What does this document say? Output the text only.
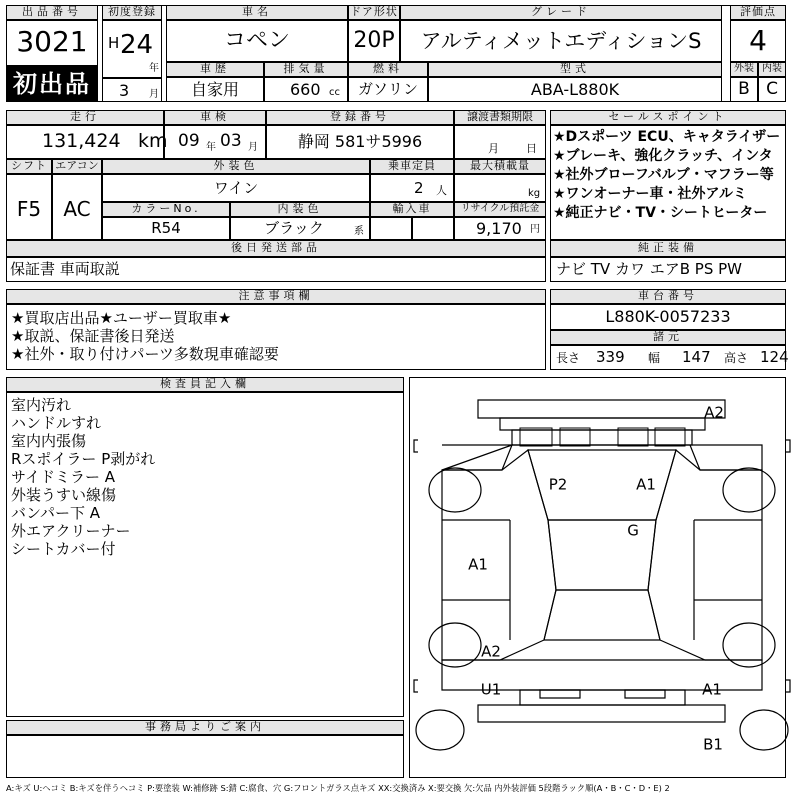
出品番号
3021
初出品
初度登録
H 24
年
3 月
車名
コペン
ドア形状
20P
グレード
アルティメットエディションS
評価点
4
車歴
自家用
排気量
660 cc
燃料
ガソリン
型式
ABA-L880K
外装 内装
B C
走行
131,424 km
車検
09 年 03 月
登録番号
静岡 581サ5996
譲渡書類期限
月 日
シフト
F5
エアコン
AC
外装色
ワイン
乗車定員
2 人
最大積載量
kg
カラーNo.
R54
内装色
ブラック	系
輸入車	リサイクル預託金
9,170 円
後日発送部品
保証書 車両取説
セールスポイント
★Dスポーツ ECU、キャタライザー
★ブレーキ、強化クラッチ、インタ
★社外ブローフバルブ・マフラー等
★ワンオーナー車・社外アルミ
★純正ナビ・TV・シートヒーター
純正装備
ナビ TV カワ エアB PS PW
注意事項欄
★買取店出品★ユーザー買取車★
★取説、保証書後日発送
★社外・取り付けパーツ多数現車確認要
車台番号
L880K-0057233
諸元
長さ 339 幅 147 高さ 124
検査員記入欄
室内汚れ
ハンドルすれ
室内内張傷
Rスポイラー P剥がれ
サイドミラー A
外装うすい線傷
バンパー下 A
外エアクリーナー
シートカバー付
事務局よりご案内
A2
P2	A1
G
A1
A2
U1	A1
B1
A:キズ U:ヘコミ B:キズを伴うヘコミ P:要塗装 W:補修跡 S:錆 C:腐食、穴 G:フロントガラス点キズ XX:交換済み X:要交換 欠:欠品 内外装評価 5段階ラック順(A・B・C・D・E) 2
